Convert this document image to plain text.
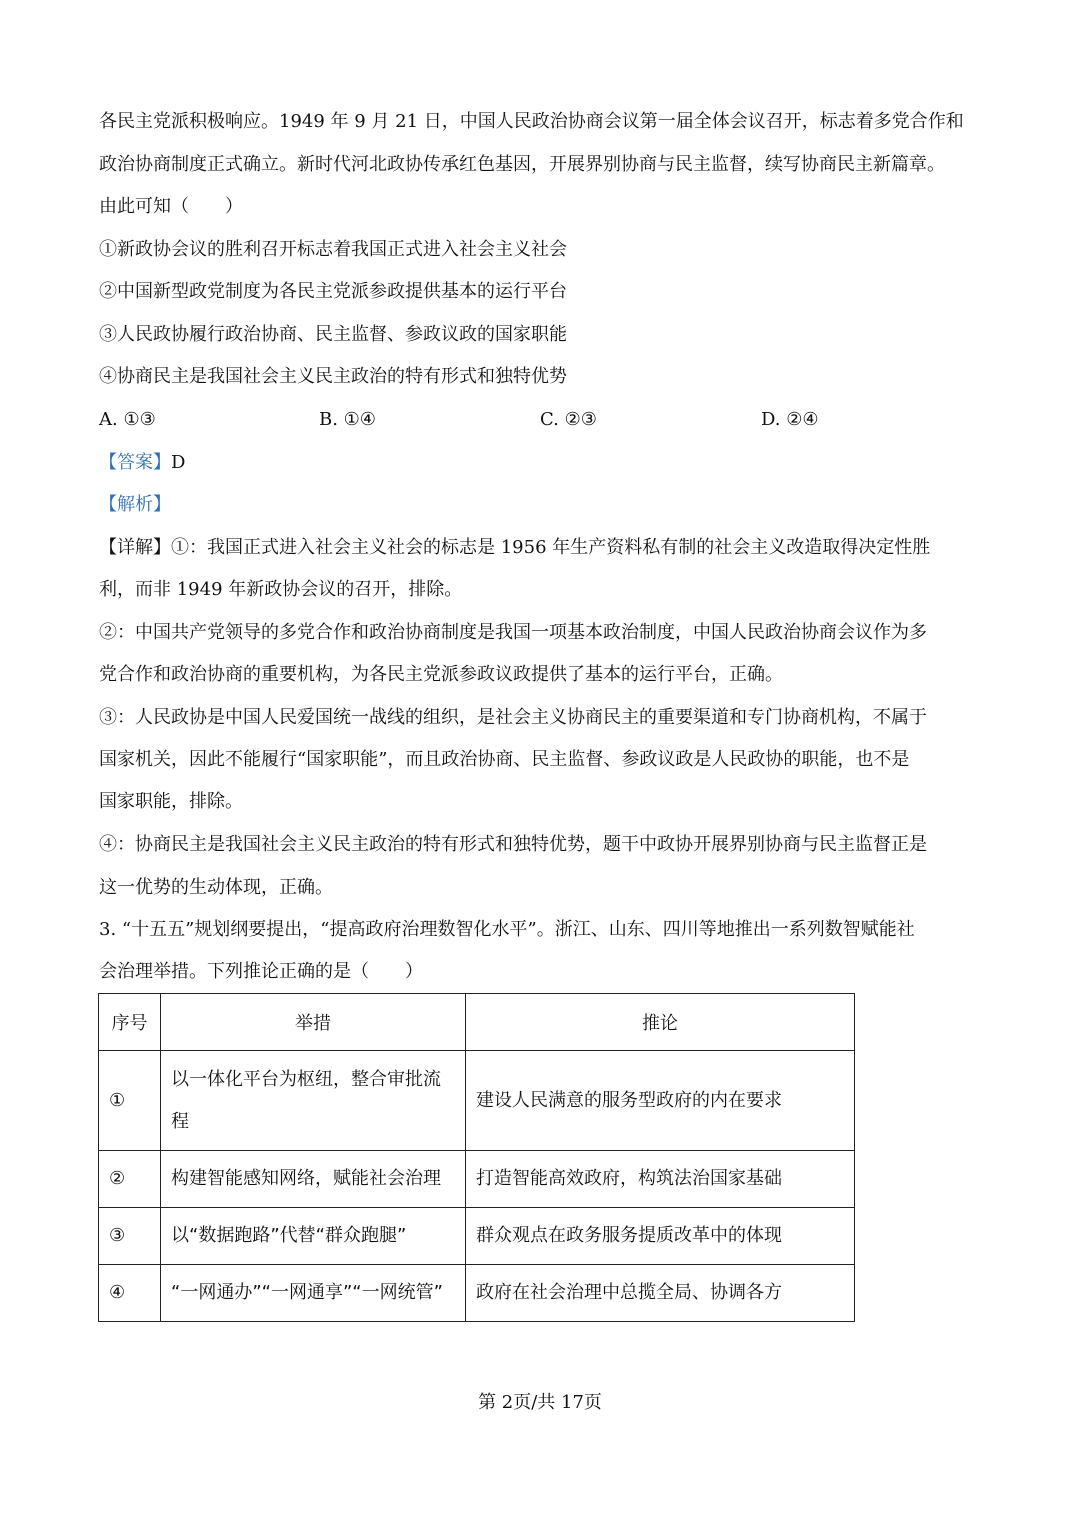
各民主党派积极响应。1949 年 9 月 21 日，中国人民政治协商会议第一届全体会议召开，标志着多党合作和
政治协商制度正式确立。新时代河北政协传承红色基因，开展界别协商与民主监督，续写协商民主新篇章。
由此可知（　　）
①新政协会议的胜利召开标志着我国正式进入社会主义社会
②中国新型政党制度为各民主党派参政提供基本的运行平台
③人民政协履行政治协商、民主监督、参政议政的国家职能
④协商民主是我国社会主义民主政治的特有形式和独特优势
A. ①③	B. ①④	C. ②③	D. ②④
【答案】D
【解析】
【详解】①：我国正式进入社会主义社会的标志是 1956 年生产资料私有制的社会主义改造取得决定性胜
利，而非 1949 年新政协会议的召开，排除。
②：中国共产党领导的多党合作和政治协商制度是我国一项基本政治制度，中国人民政治协商会议作为多
党合作和政治协商的重要机构，为各民主党派参政议政提供了基本的运行平台，正确。
③：人民政协是中国人民爱国统一战线的组织，是社会主义协商民主的重要渠道和专门协商机构，不属于
国家机关，因此不能履行“国家职能”，而且政治协商、民主监督、参政议政是人民政协的职能，也不是
国家职能，排除。
④：协商民主是我国社会主义民主政治的特有形式和独特优势，题干中政协开展界别协商与民主监督正是
这一优势的生动体现，正确。
3. “十五五”规划纲要提出，“提高政府治理数智化水平”。浙江、山东、四川等地推出一系列数智赋能社
会治理举措。下列推论正确的是（　　）
序号	举措	推论
①	以一体化平台为枢纽，整合审批流程	建设人民满意的服务型政府的内在要求
②	构建智能感知网络，赋能社会治理	打造智能高效政府，构筑法治国家基础
③	以“数据跑路”代替“群众跑腿”	群众观点在政务服务提质改革中的体现
④	“一网通办”“一网通享”“一网统管”	政府在社会治理中总揽全局、协调各方
第 2页/共 17页
